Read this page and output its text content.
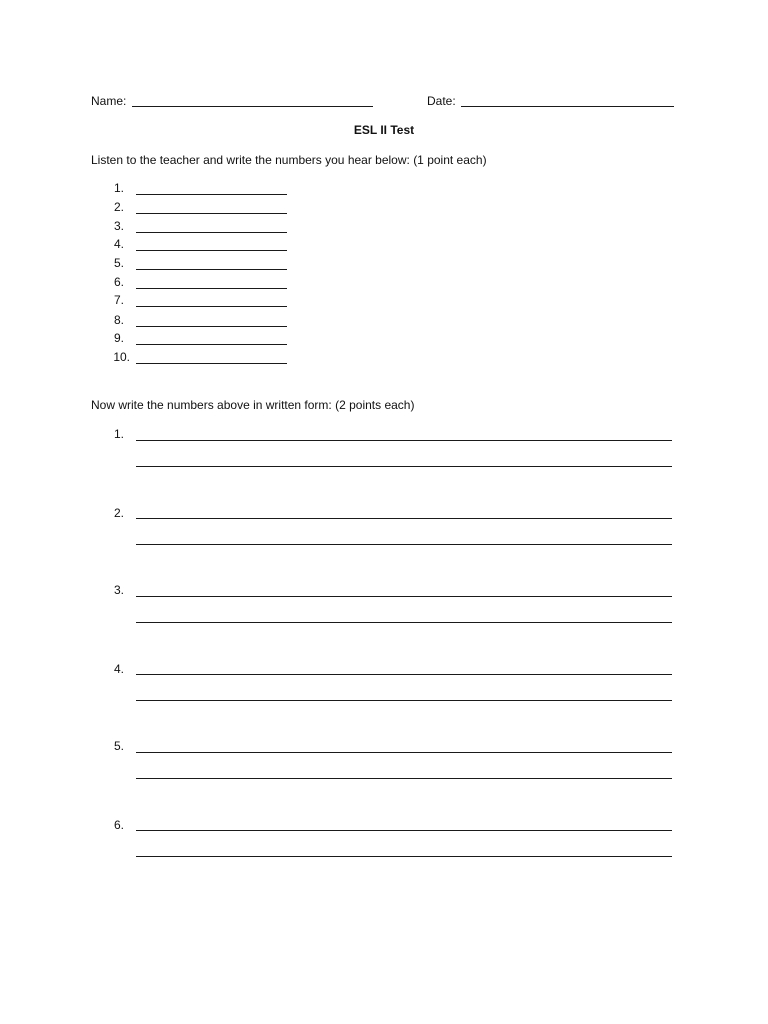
Name:	Date:
ESL II Test
Listen to the teacher and write the numbers you hear below: (1 point each)
1.
2.
3.
4.
5.
6.
7.
8.
9.
10.
Now write the numbers above in written form: (2 points each)
1.
2.
3.
4.
5.
6.
